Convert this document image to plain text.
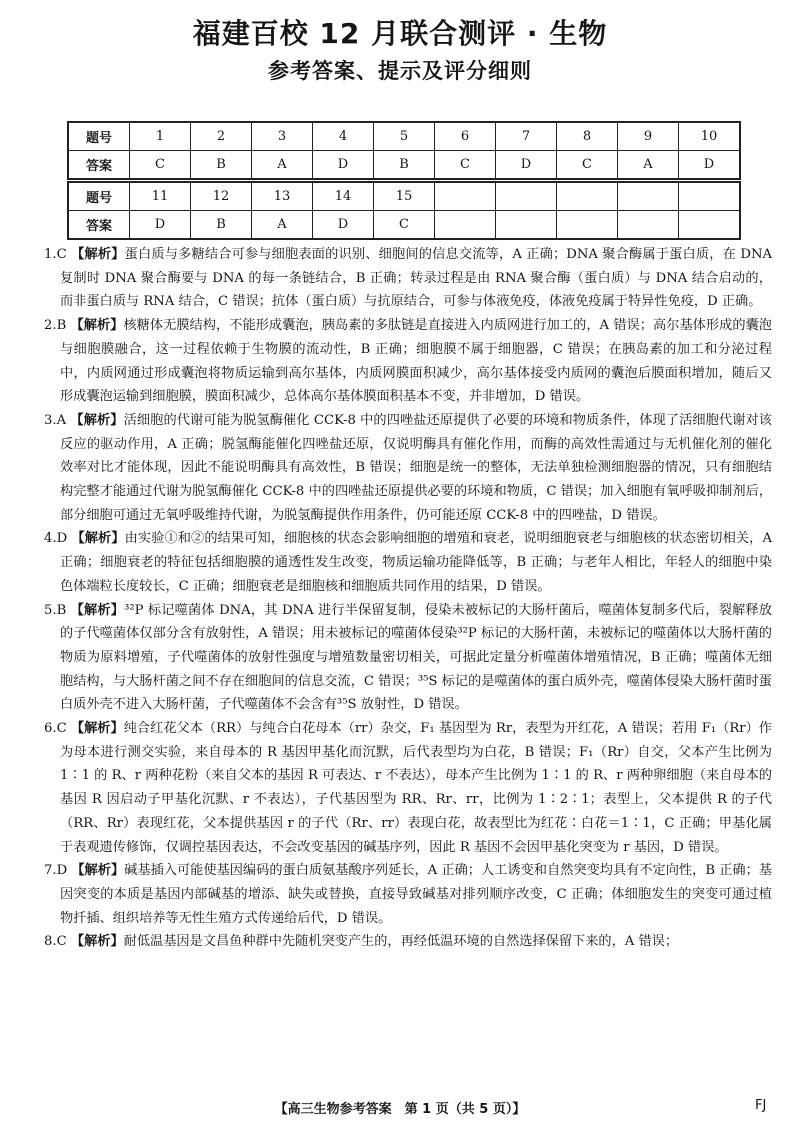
福建百校 12 月联合测评 · 生物
参考答案、提示及评分细则
题号	1	2	3	4	5	6	7	8	9	10
答案	C	B	A	D	B	C	D	C	A	D
题号	11	12	13	14	15					
答案	D	B	A	D	C					

1.C 【解析】蛋白质与多糖结合可参与细胞表面的识别、细胞间的信息交流等，A 正确；DNA 聚合酶属于蛋白质，在 DNA 复制时 DNA 聚合酶要与 DNA 的每一条链结合，B 正确；转录过程是由 RNA 聚合酶（蛋白质）与 DNA 结合启动的，而非蛋白质与 RNA 结合，C 错误；抗体（蛋白质）与抗原结合，可参与体液免疫，体液免疫属于特异性免疫，D 正确。

2.B 【解析】核糖体无膜结构，不能形成囊泡，胰岛素的多肽链是直接进入内质网进行加工的，A 错误；高尔基体形成的囊泡与细胞膜融合，这一过程依赖于生物膜的流动性，B 正确；细胞膜不属于细胞器，C 错误；在胰岛素的加工和分泌过程中，内质网通过形成囊泡将物质运输到高尔基体，内质网膜面积减少，高尔基体接受内质网的囊泡后膜面积增加，随后又形成囊泡运输到细胞膜，膜面积减少，总体高尔基体膜面积基本不变，并非增加，D 错误。

3.A 【解析】活细胞的代谢可能为脱氢酶催化 CCK-8 中的四唑盐还原提供了必要的环境和物质条件，体现了活细胞代谢对该反应的驱动作用，A 正确；脱氢酶能催化四唑盐还原，仅说明酶具有催化作用，而酶的高效性需通过与无机催化剂的催化效率对比才能体现，因此不能说明酶具有高效性，B 错误；细胞是统一的整体，无法单独检测细胞器的情况，只有细胞结构完整才能通过代谢为脱氢酶催化 CCK-8 中的四唑盐还原提供必要的环境和物质，C 错误；加入细胞有氧呼吸抑制剂后，部分细胞可通过无氧呼吸维持代谢，为脱氢酶提供作用条件，仍可能还原 CCK-8 中的四唑盐，D 错误。

4.D 【解析】由实验①和②的结果可知，细胞核的状态会影响细胞的增殖和衰老，说明细胞衰老与细胞核的状态密切相关，A 正确；细胞衰老的特征包括细胞膜的通透性发生改变，物质运输功能降低等，B 正确；与老年人相比，年轻人的细胞中染色体端粒长度较长，C 正确；细胞衰老是细胞核和细胞质共同作用的结果，D 错误。

5.B 【解析】³²P 标记噬菌体 DNA，其 DNA 进行半保留复制，侵染未被标记的大肠杆菌后，噬菌体复制多代后，裂解释放的子代噬菌体仅部分含有放射性，A 错误；用未被标记的噬菌体侵染³²P 标记的大肠杆菌，未被标记的噬菌体以大肠杆菌的物质为原料增殖，子代噬菌体的放射性强度与增殖数量密切相关，可据此定量分析噬菌体增殖情况，B 正确；噬菌体无细胞结构，与大肠杆菌之间不存在细胞间的信息交流，C 错误；³⁵S 标记的是噬菌体的蛋白质外壳，噬菌体侵染大肠杆菌时蛋白质外壳不进入大肠杆菌，子代噬菌体不会含有³⁵S 放射性，D 错误。

6.C 【解析】纯合红花父本（RR）与纯合白花母本（rr）杂交，F₁ 基因型为 Rr，表型为开红花，A 错误；若用 F₁（Rr）作为母本进行测交实验，来自母本的 R 基因甲基化而沉默，后代表型均为白花，B 错误；F₁（Rr）自交，父本产生比例为 1∶1 的 R、r 两种花粉（来自父本的基因 R 可表达、r 不表达），母本产生比例为 1∶1 的 R、r 两种卵细胞（来自母本的基因 R 因启动子甲基化沉默、r 不表达），子代基因型为 RR、Rr、rr，比例为 1∶2∶1；表型上，父本提供 R 的子代（RR、Rr）表现红花，父本提供基因 r 的子代（Rr、rr）表现白花，故表型比为红花∶白花＝1∶1，C 正确；甲基化属于表观遗传修饰，仅调控基因表达，不会改变基因的碱基序列，因此 R 基因不会因甲基化突变为 r 基因，D 错误。

7.D 【解析】碱基插入可能使基因编码的蛋白质氨基酸序列延长，A 正确；人工诱变和自然突变均具有不定向性，B 正确；基因突变的本质是基因内部碱基的增添、缺失或替换，直接导致碱基对排列顺序改变，C 正确；体细胞发生的突变可通过植物扦插、组织培养等无性生殖方式传递给后代，D 错误。

8.C 【解析】耐低温基因是文昌鱼种群中先随机突变产生的，再经低温环境的自然选择保留下来的，A 错误；

【高三生物参考答案　第 1 页（共 5 页）】	FJ
